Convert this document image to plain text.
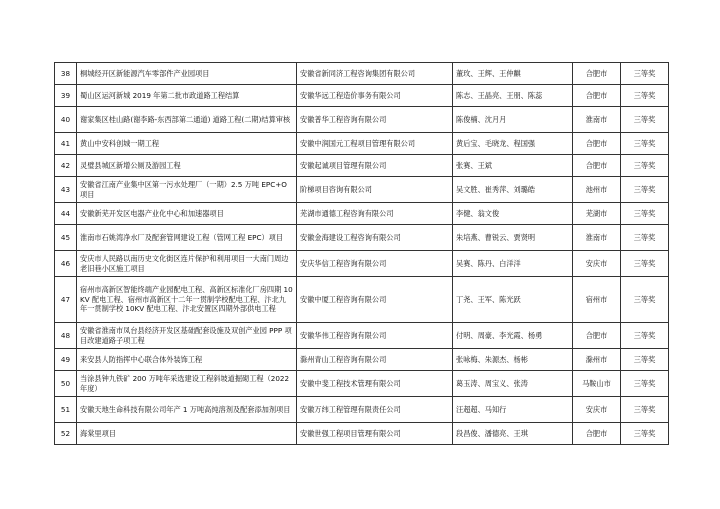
38	桐城经开区新能源汽车零部件产业园项目	安徽省新同济工程咨询集团有限公司	董玫、王辉、王仲麒	合肥市	三等奖
39	蜀山区运河新城 2019 年第二批市政道路工程结算	安徽华远工程造价事务有限公司	陈志、王晶亮、王朋、陈蕊	合肥市	三等奖
40	谢家集区桂山路(谢李路-东西部第二通道) 道路工程(二期)结算审核	安徽普华工程咨询有限公司	陈俊楠、沈月月	淮南市	三等奖
41	黄山中安科创城一期工程	安徽中润国元工程项目管理有限公司	黄后宝、毛晓龙、程国强	合肥市	三等奖
42	灵璧县城区新增公厕及游园工程	安徽起诚项目管理有限公司	张赛、王斌	合肥市	三等奖
43	安徽省江南产业集中区第一污水处理厂（一期）2.5 万吨 EPC+O 项目	阶梯项目咨询有限公司	吴文胜、崔秀萍、刘璐皓	池州市	三等奖
44	安徽新芜开发区电器产业化中心和加速器项目	芜湖市通德工程咨询有限公司	李健、翁文俊	芜湖市	三等奖
45	淮南市石姚湾净水厂及配套管网建设工程（管网工程 EPC）项目	安徽金海建设工程咨询有限公司	朱培燕、曹锐云、贾贤明	淮南市	三等奖
46	安庆市人民路以南历史文化街区连片保护和利用项目一大南门周边老旧巷小区施工项目	安庆华信工程咨询有限公司	吴赛、陈丹、白洋洋	安庆市	三等奖
47	宿州市高新区智能终端产业园配电工程、高新区标准化厂房四期 10KV 配电工程、宿州市高新区十二年一贯制学校配电工程、汴北九年一贯制学校 10KV 配电工程、汴北安置区四期外部供电工程	安徽中厦工程咨询有限公司	丁尧、王军、陈光跃	宿州市	三等奖
48	安徽省淮南市凤台县经济开发区基础配套设施及双创产业园 PPP 项目改建道路子项工程	安徽华伟工程咨询有限公司	付明、周豪、李光霞、杨勇	合肥市	三等奖
49	来安县人防指挥中心联合体外装饰工程	滁州青山工程咨询有限公司	张咏梅、朱源杰、杨彬	滁州市	三等奖
50	当涂县钟九铁矿 200 万吨年采选建设工程斜坡道掘砌工程（2022 年度）	安徽中斐工程技术管理有限公司	葛玉涛、周宝义、张涛	马鞍山市	三等奖
51	安徽天地生命科技有限公司年产 1 万吨高纯溶剂及配套添加剂项目	安徽万纬工程管理有限责任公司	汪超超、马知行	安庆市	三等奖
52	海棠里项目	安徽世强工程项目管理有限公司	段昌俊、潘德亮、王琪	合肥市	三等奖
